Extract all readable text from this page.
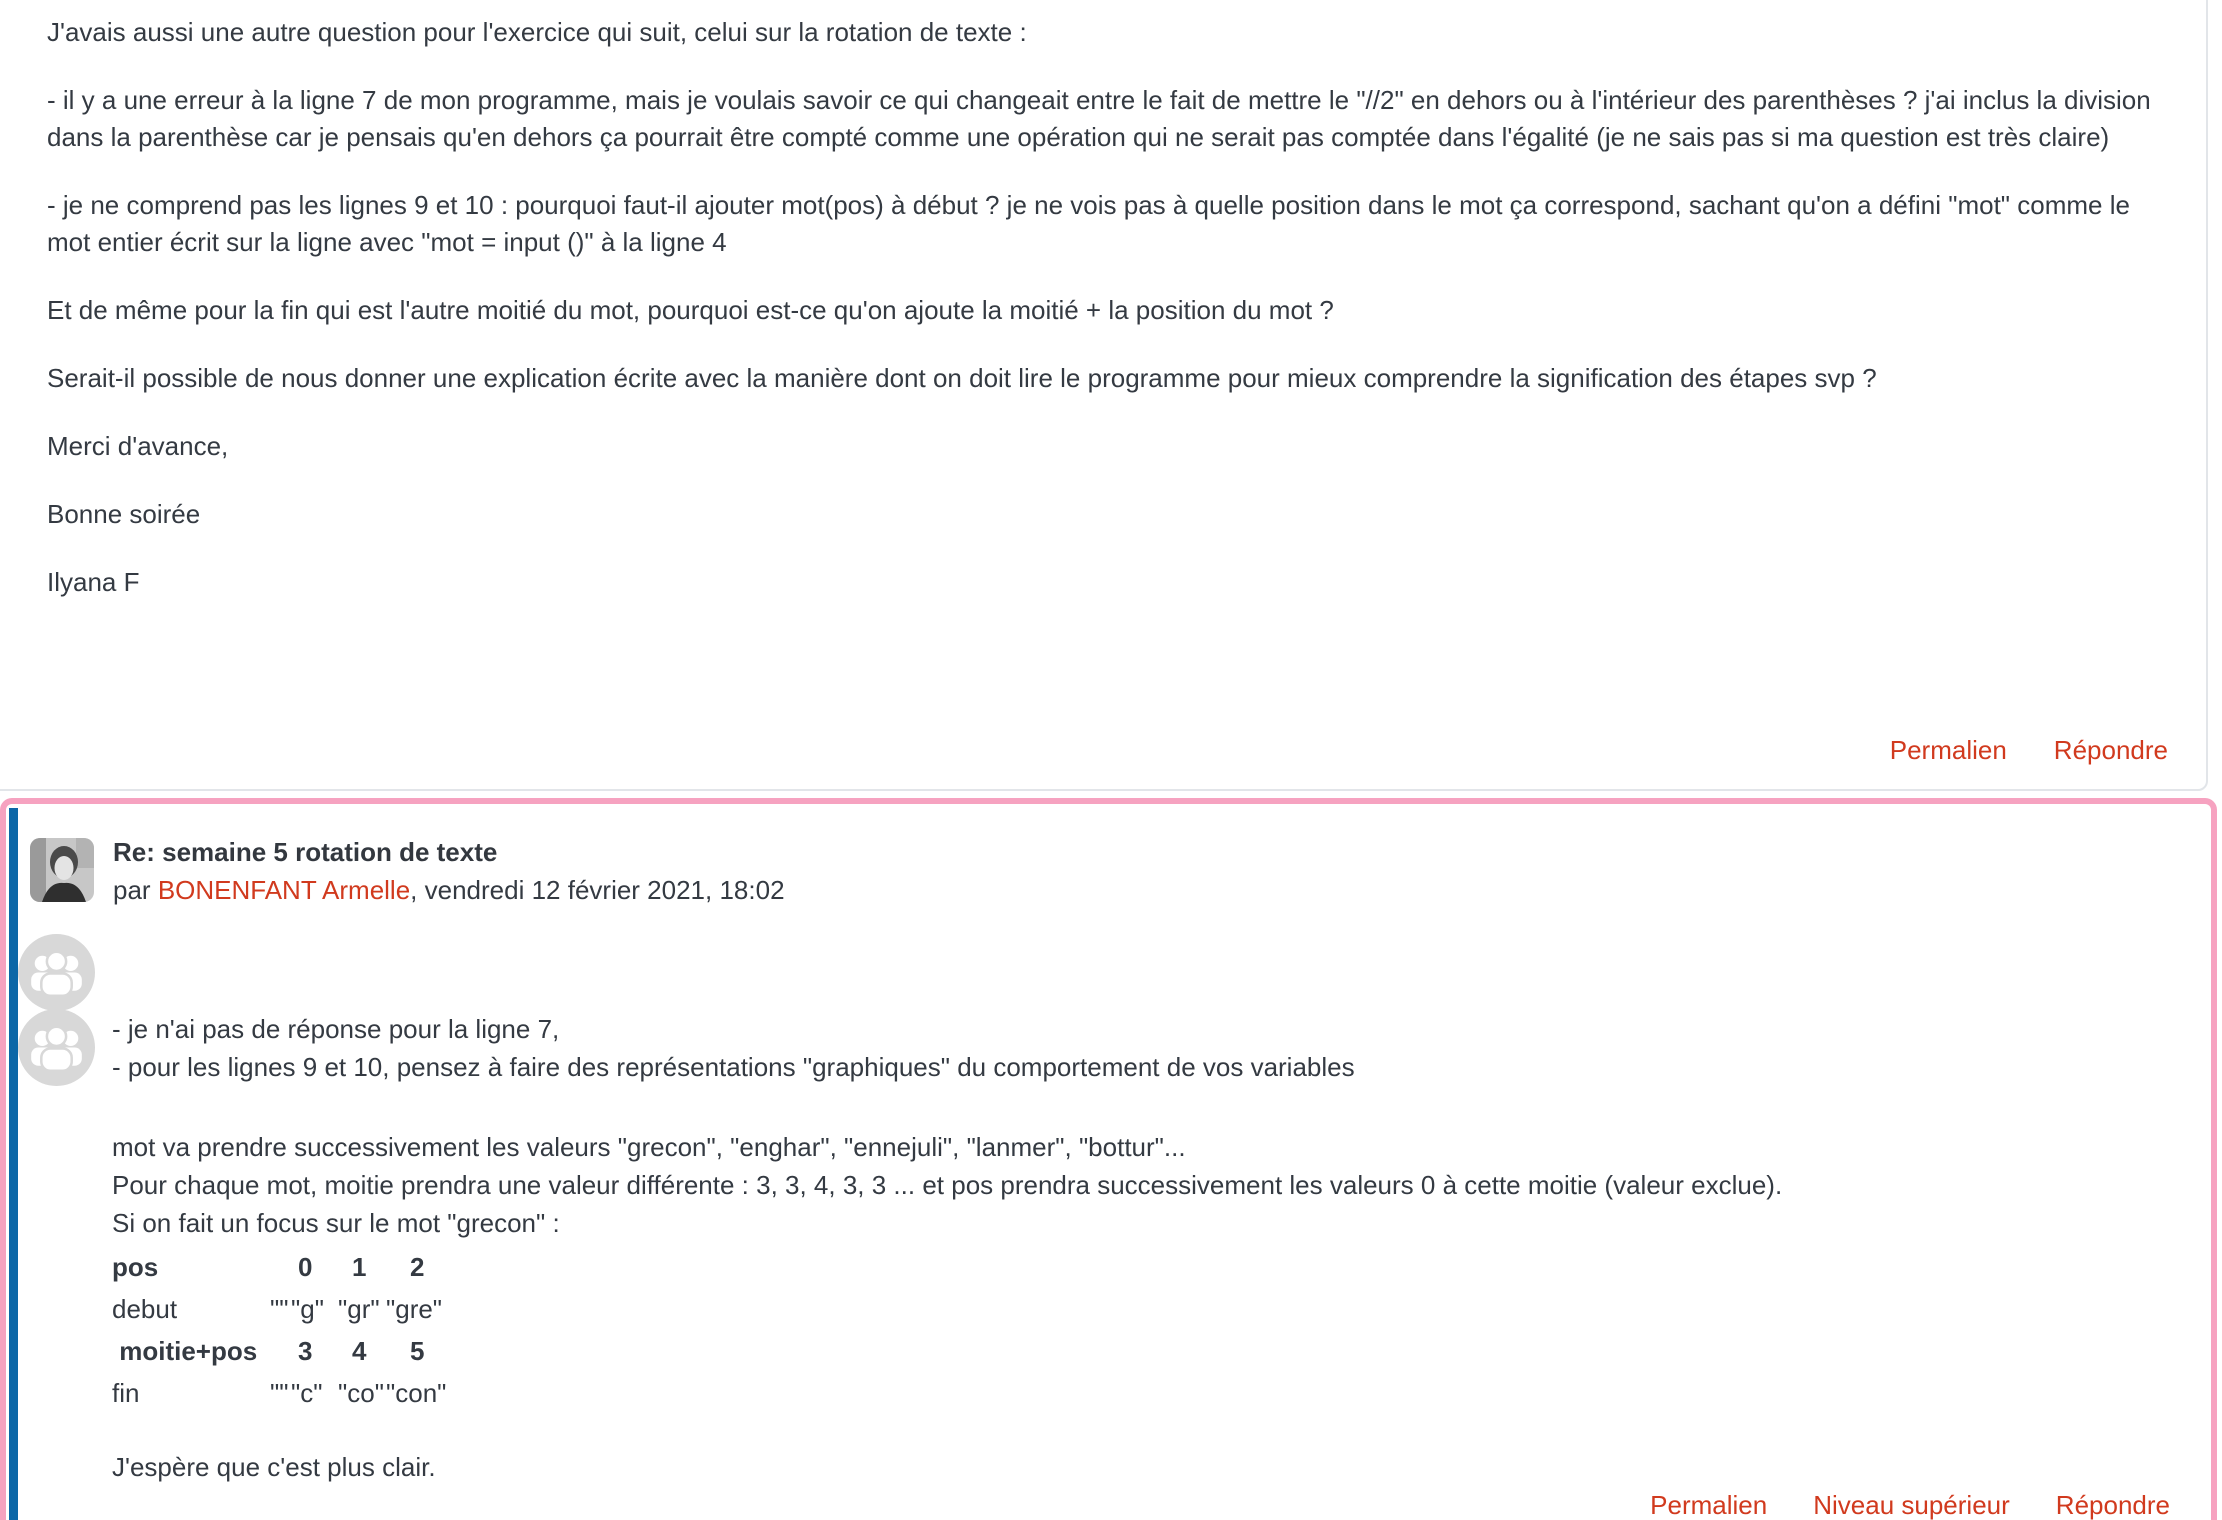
J'avais aussi une autre question pour l'exercice qui suit, celui sur la rotation de texte :

- il y a une erreur à la ligne 7 de mon programme, mais je voulais savoir ce qui changeait entre le fait de mettre le "//2" en dehors ou à l'intérieur des parenthèses ? j'ai inclus la division dans la parenthèse car je pensais qu'en dehors ça pourrait être compté comme une opération qui ne serait pas comptée dans l'égalité (je ne sais pas si ma question est très claire)

- je ne comprend pas les lignes 9 et 10 : pourquoi faut-il ajouter mot(pos) à début ? je ne vois pas à quelle position dans le mot ça correspond, sachant qu'on a défini "mot" comme le mot entier écrit sur la ligne avec "mot = input ()" à la ligne 4

Et de même pour la fin qui est l'autre moitié du mot, pourquoi est-ce qu'on ajoute la moitié + la position du mot ?

Serait-il possible de nous donner une explication écrite avec la manière dont on doit lire le programme pour mieux comprendre la signification des étapes svp ?

Merci d'avance,

Bonne soirée

Ilyana F

Permalien Répondre
Re: semaine 5 rotation de texte
par BONENFANT Armelle, vendredi 12 février 2021, 18:02

- je n'ai pas de réponse pour la ligne 7,

- pour les lignes 9 et 10, pensez à faire des représentations "graphiques" du comportement de vos variables

mot va prendre successivement les valeurs "grecon", "enghar", "ennejuli", "lanmer", "bottur"...

Pour chaque mot, moitie prendra une valeur différente : 3, 3, 4, 3, 3 ... et pos prendra successivement les valeurs 0 à cette moitie (valeur exclue).

Si on fait un focus sur le mot "grecon" :

pos	0	1	2
debut	"" "g" "gr" "gre"
moitie+pos	3	4	5
fin	"" "c" "co" "con"

J'espère que c'est plus clair.

Permalien Niveau supérieur Répondre
